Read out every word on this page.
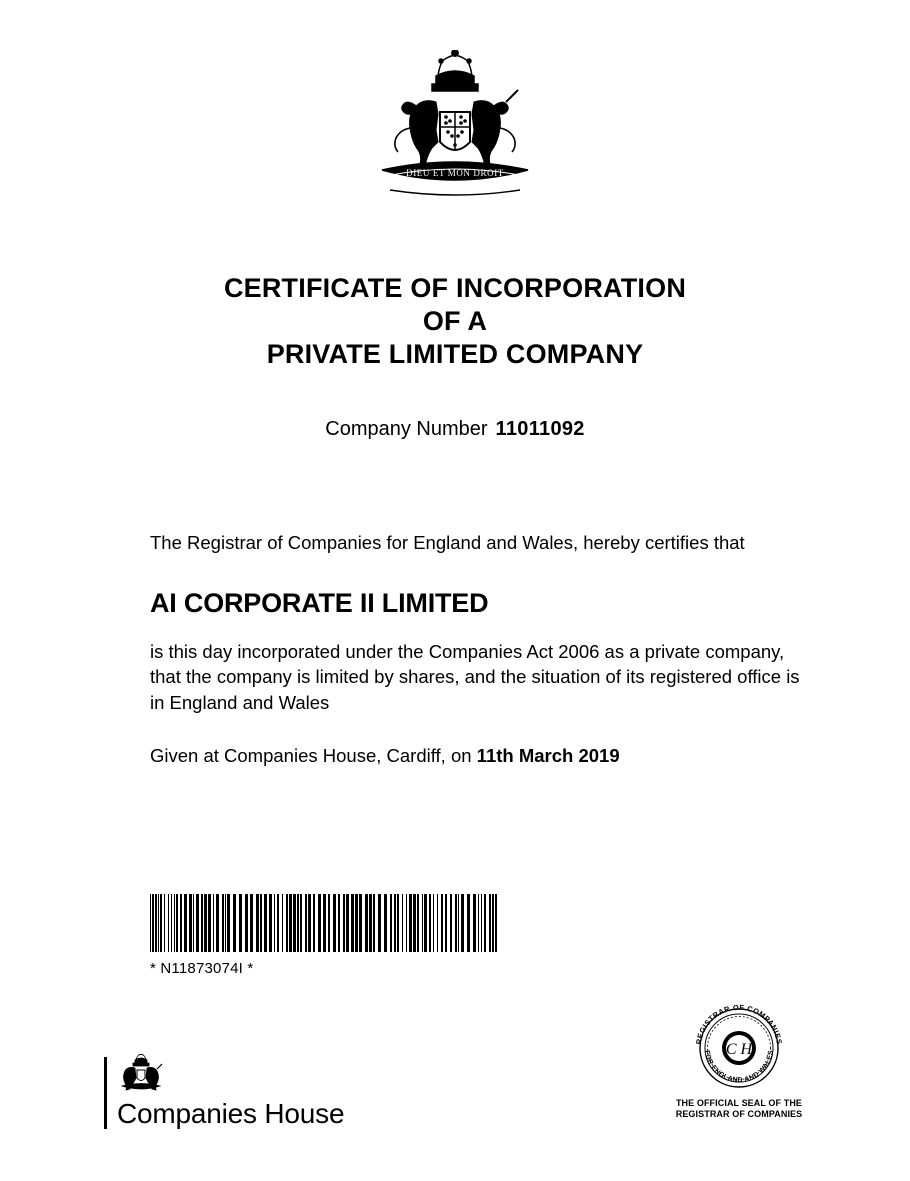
DIEU ET MON DROIT
CERTIFICATE OF INCORPORATION
OF A
PRIVATE LIMITED COMPANY
Company Number 11011092

The Registrar of Companies for England and Wales, hereby certifies that

AI CORPORATE II LIMITED

is this day incorporated under the Companies Act 2006 as a private company, that the company is limited by shares, and the situation of its registered office is in England and Wales

Given at Companies House, Cardiff, on 11th March 2019

* N11873074I *
Companies House
C H
REGISTRAR OF COMPANIES
FOR ENGLAND AND WALES
THE OFFICIAL SEAL OF THE
REGISTRAR OF COMPANIES
